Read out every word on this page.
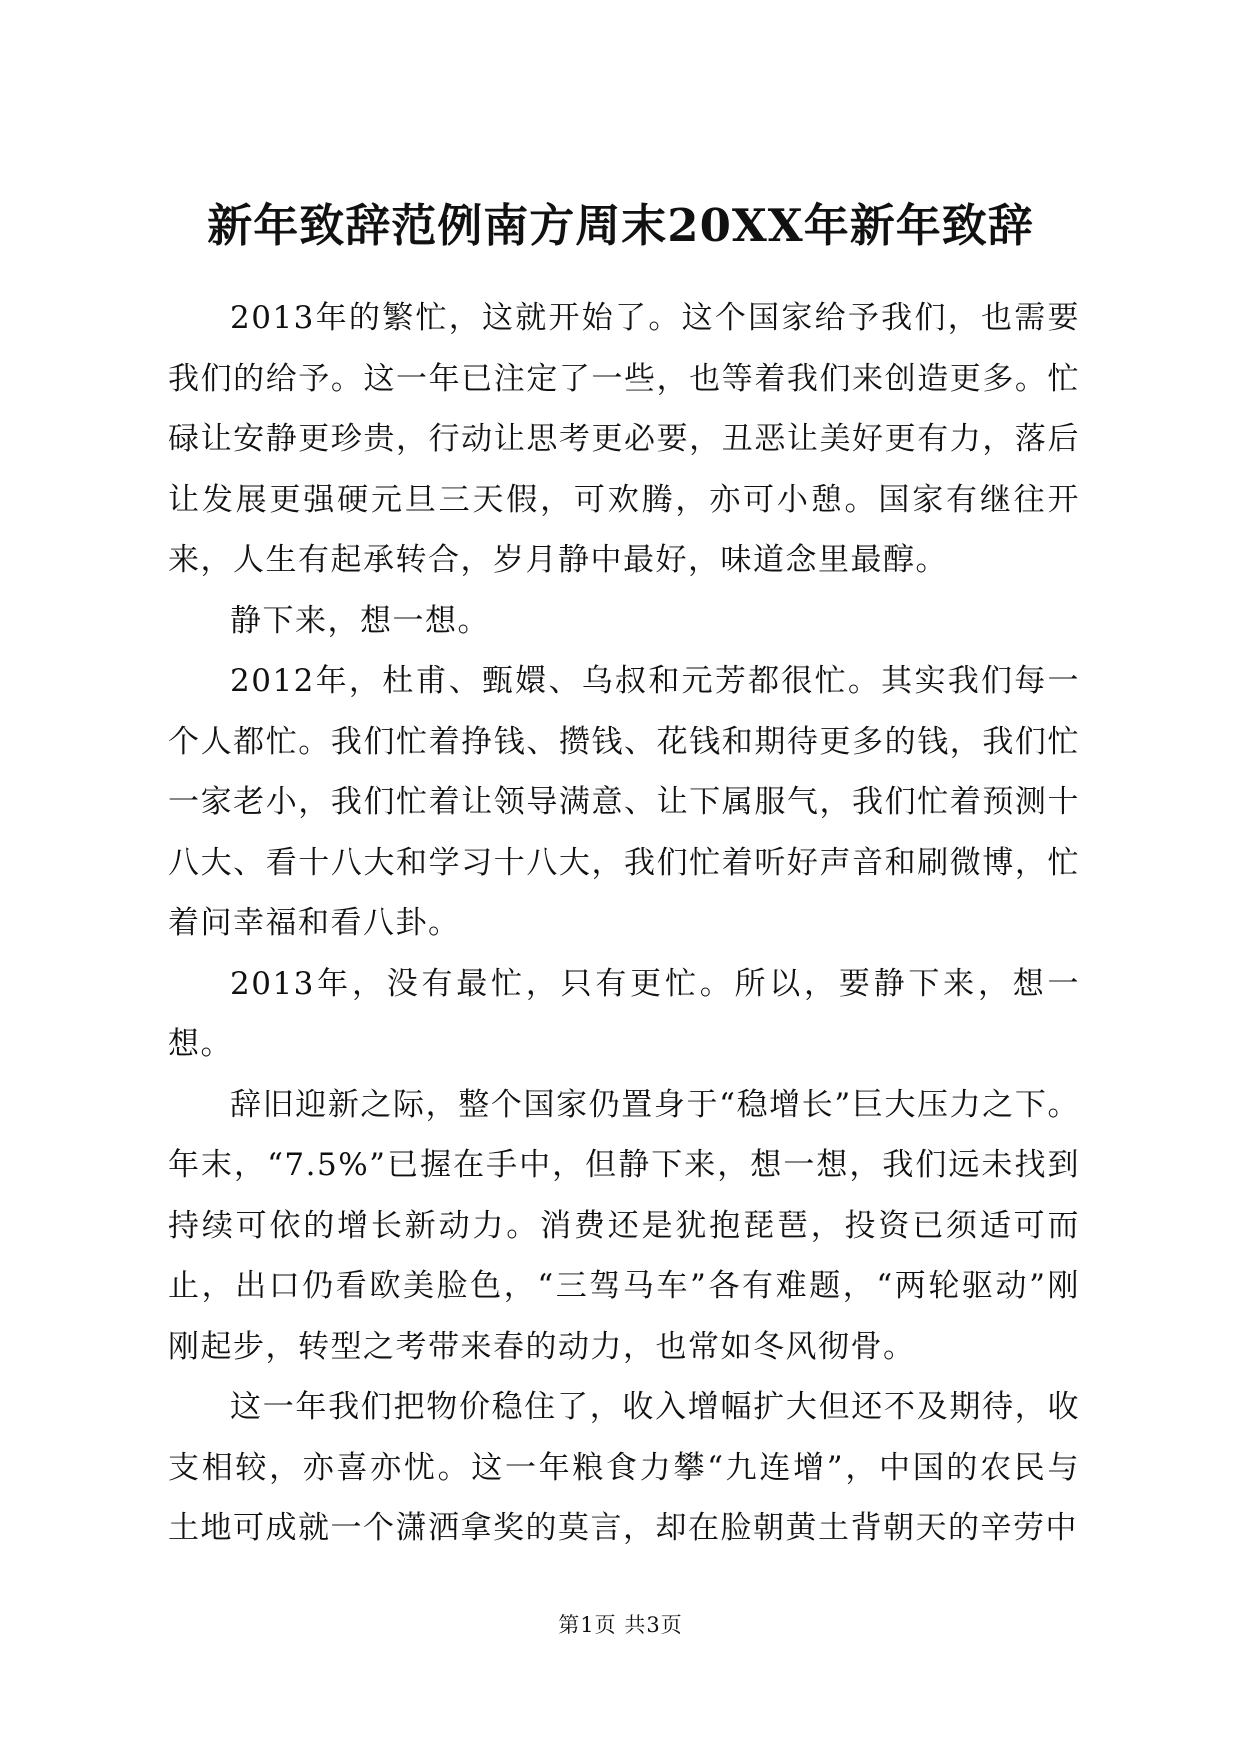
新年致辞范例南方周末20XX年新年致辞

2013年的繁忙，这就开始了。这个国家给予我们，也需要我们的给予。这一年已注定了一些，也等着我们来创造更多。忙碌让安静更珍贵，行动让思考更必要，丑恶让美好更有力，落后让发展更强硬元旦三天假，可欢腾，亦可小憩。国家有继往开来，人生有起承转合，岁月静中最好，味道念里最醇。

静下来，想一想。

2012年，杜甫、甄嬛、乌叔和元芳都很忙。其实我们每一个人都忙。我们忙着挣钱、攒钱、花钱和期待更多的钱，我们忙一家老小，我们忙着让领导满意、让下属服气，我们忙着预测十八大、看十八大和学习十八大，我们忙着听好声音和刷微博，忙着问幸福和看八卦。

2013年，没有最忙，只有更忙。所以，要静下来，想一想。

辞旧迎新之际，整个国家仍置身于“稳增长”巨大压力之下。年末，“7.5%”已握在手中，但静下来，想一想，我们远未找到持续可依的增长新动力。消费还是犹抱琵琶，投资已须适可而止，出口仍看欧美脸色，“三驾马车”各有难题，“两轮驱动”刚刚起步，转型之考带来春的动力，也常如冬风彻骨。

这一年我们把物价稳住了，收入增幅扩大但还不及期待，收支相较，亦喜亦忧。这一年粮食力攀“九连增”，中国的农民与土地可成就一个潇洒拿奖的莫言，却在脸朝黄土背朝天的辛劳中

第1页 共3页
